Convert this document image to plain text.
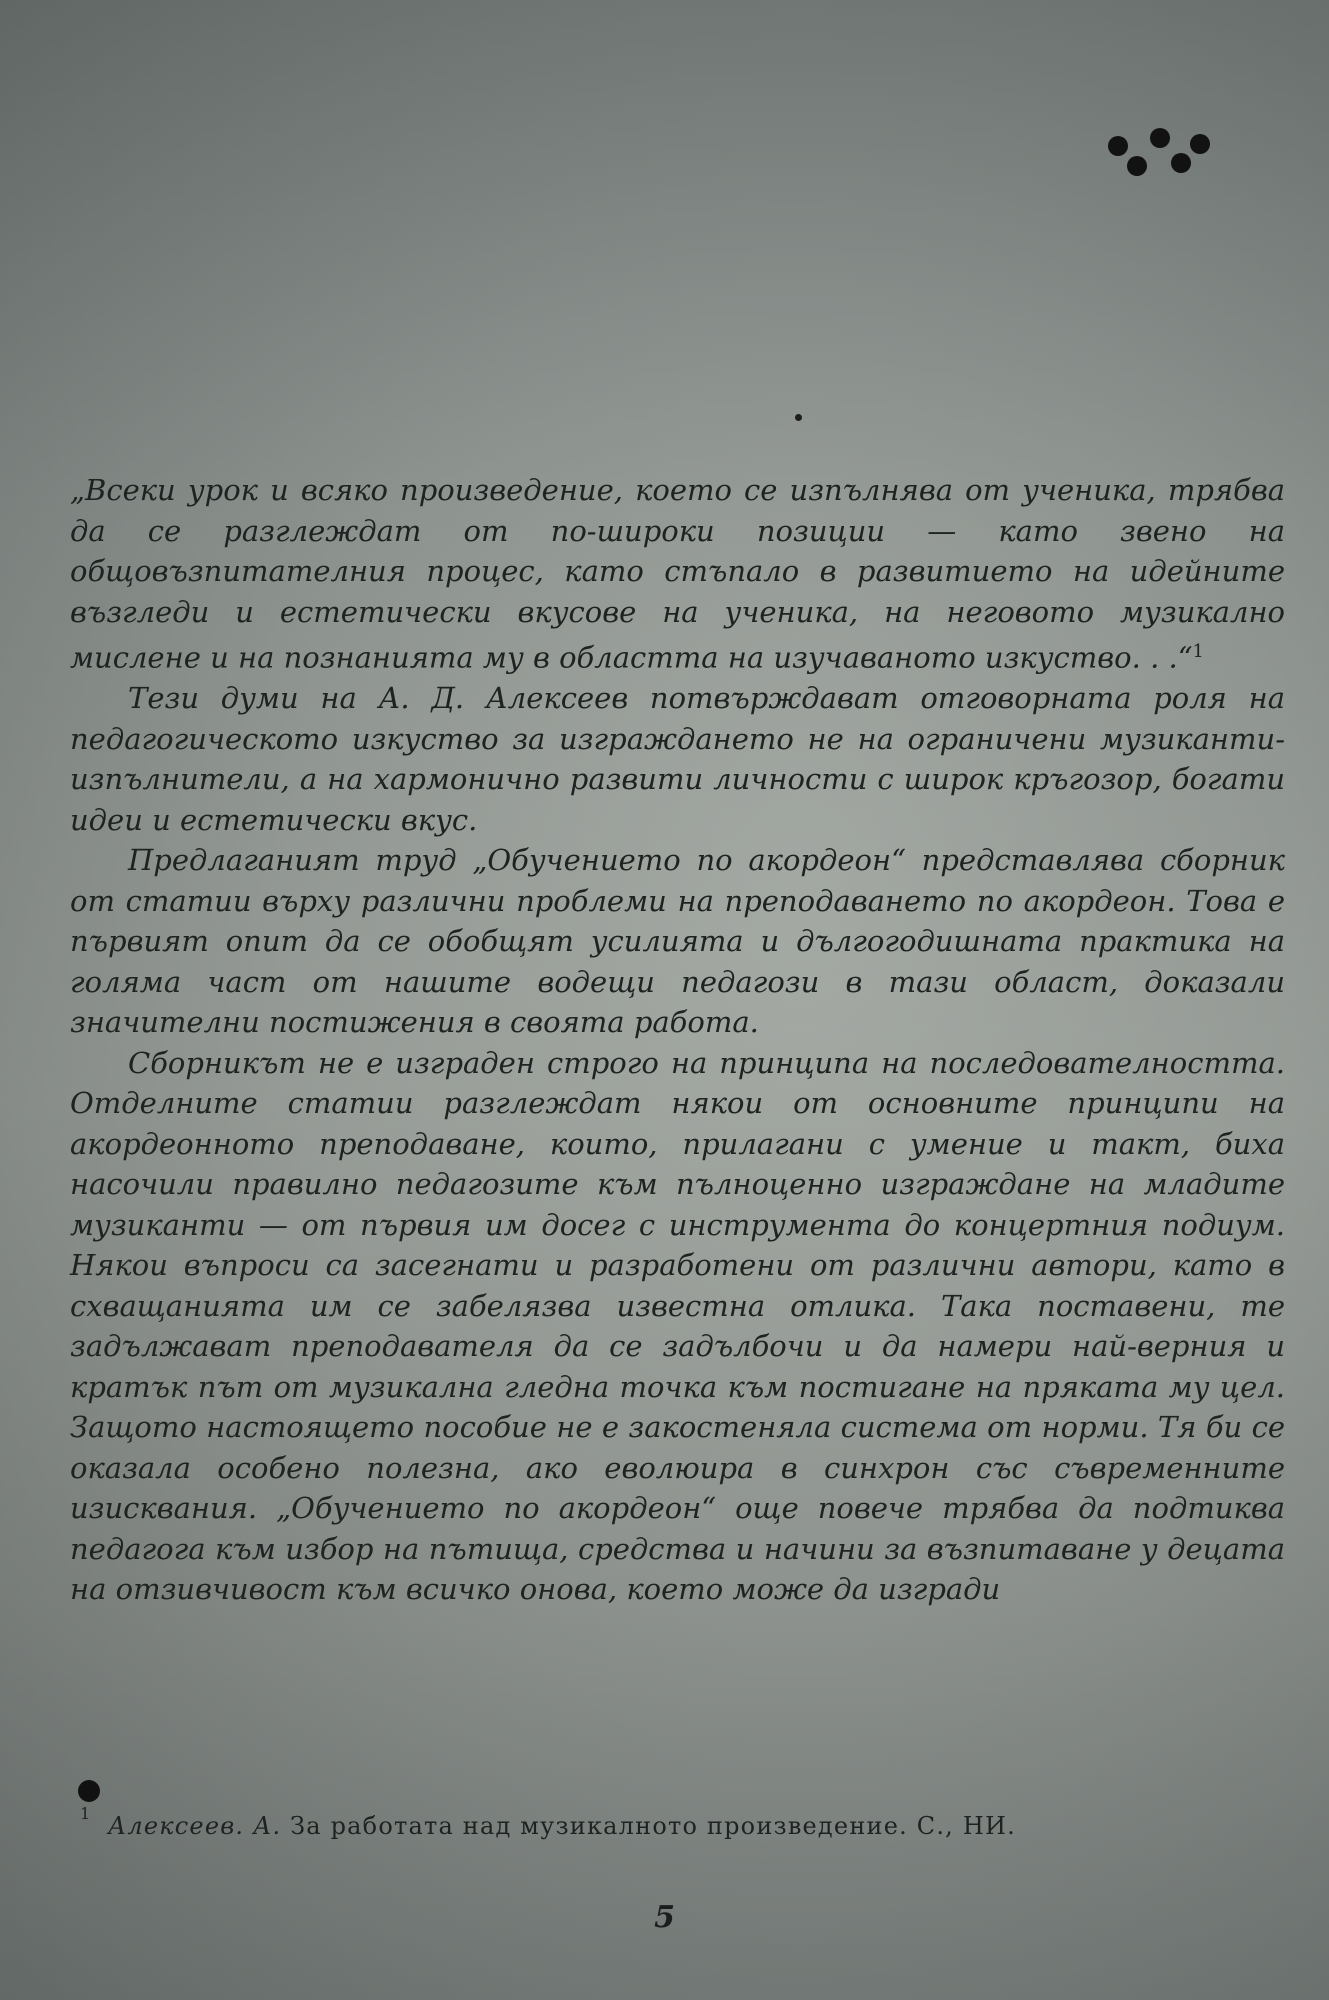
„Всеки урок и всяко произведение, което се изпълнява от ученика, трябва да се разглеждат от по-широки позиции — като звено на общовъзпитателния процес, като стъпало в развитието на идейните възгледи и естетически вкусове на ученика, на неговото музикално мислене и на познанията му в областта на изучаваното изкуство. . .“$^1$

Тези думи на А. Д. Алексеев потвърждават отговорната роля на педагогическото изкуство за изграждането не на ограничени музиканти-изпълнители, а на хармонично развити личности с широк кръгозор, богати идеи и естетически вкус.

Предлаганият труд „Обучението по акордеон“ представлява сборник от статии върху различни проблеми на преподаването по акордеон. Това е първият опит да се обобщят усилията и дългогодишната практика на голяма част от нашите водещи педагози в тази област, доказали значителни постижения в своята работа.

Сборникът не е изграден строго на принципа на последователността. Отделните статии разглеждат някои от основните принципи на акордеонното преподаване, които, прилагани с умение и такт, биха насочили правилно педагозите към пълноценно изграждане на младите музиканти — от първия им досег с инструмента до концертния подиум. Някои въпроси са засегнати и разработени от различни автори, като в схващанията им се забелязва известна отлика. Така поставени, те задължават преподавателя да се задълбочи и да намери най-верния и кратък път от музикална гледна точка към постигане на пряката му цел. Защото настоящето пособие не е закостеняла система от норми. Тя би се оказала особено полезна, ако еволюира в синхрон със съвременните изисквания. „Обучението по акордеон“ още повече трябва да подтиква педагога към избор на пътища, средства и начини за възпитаване у децата на отзивчивост към всичко онова, което може да изгради

1 Алексеев. А. За работата над музикалното произведение. С., НИ.
5
